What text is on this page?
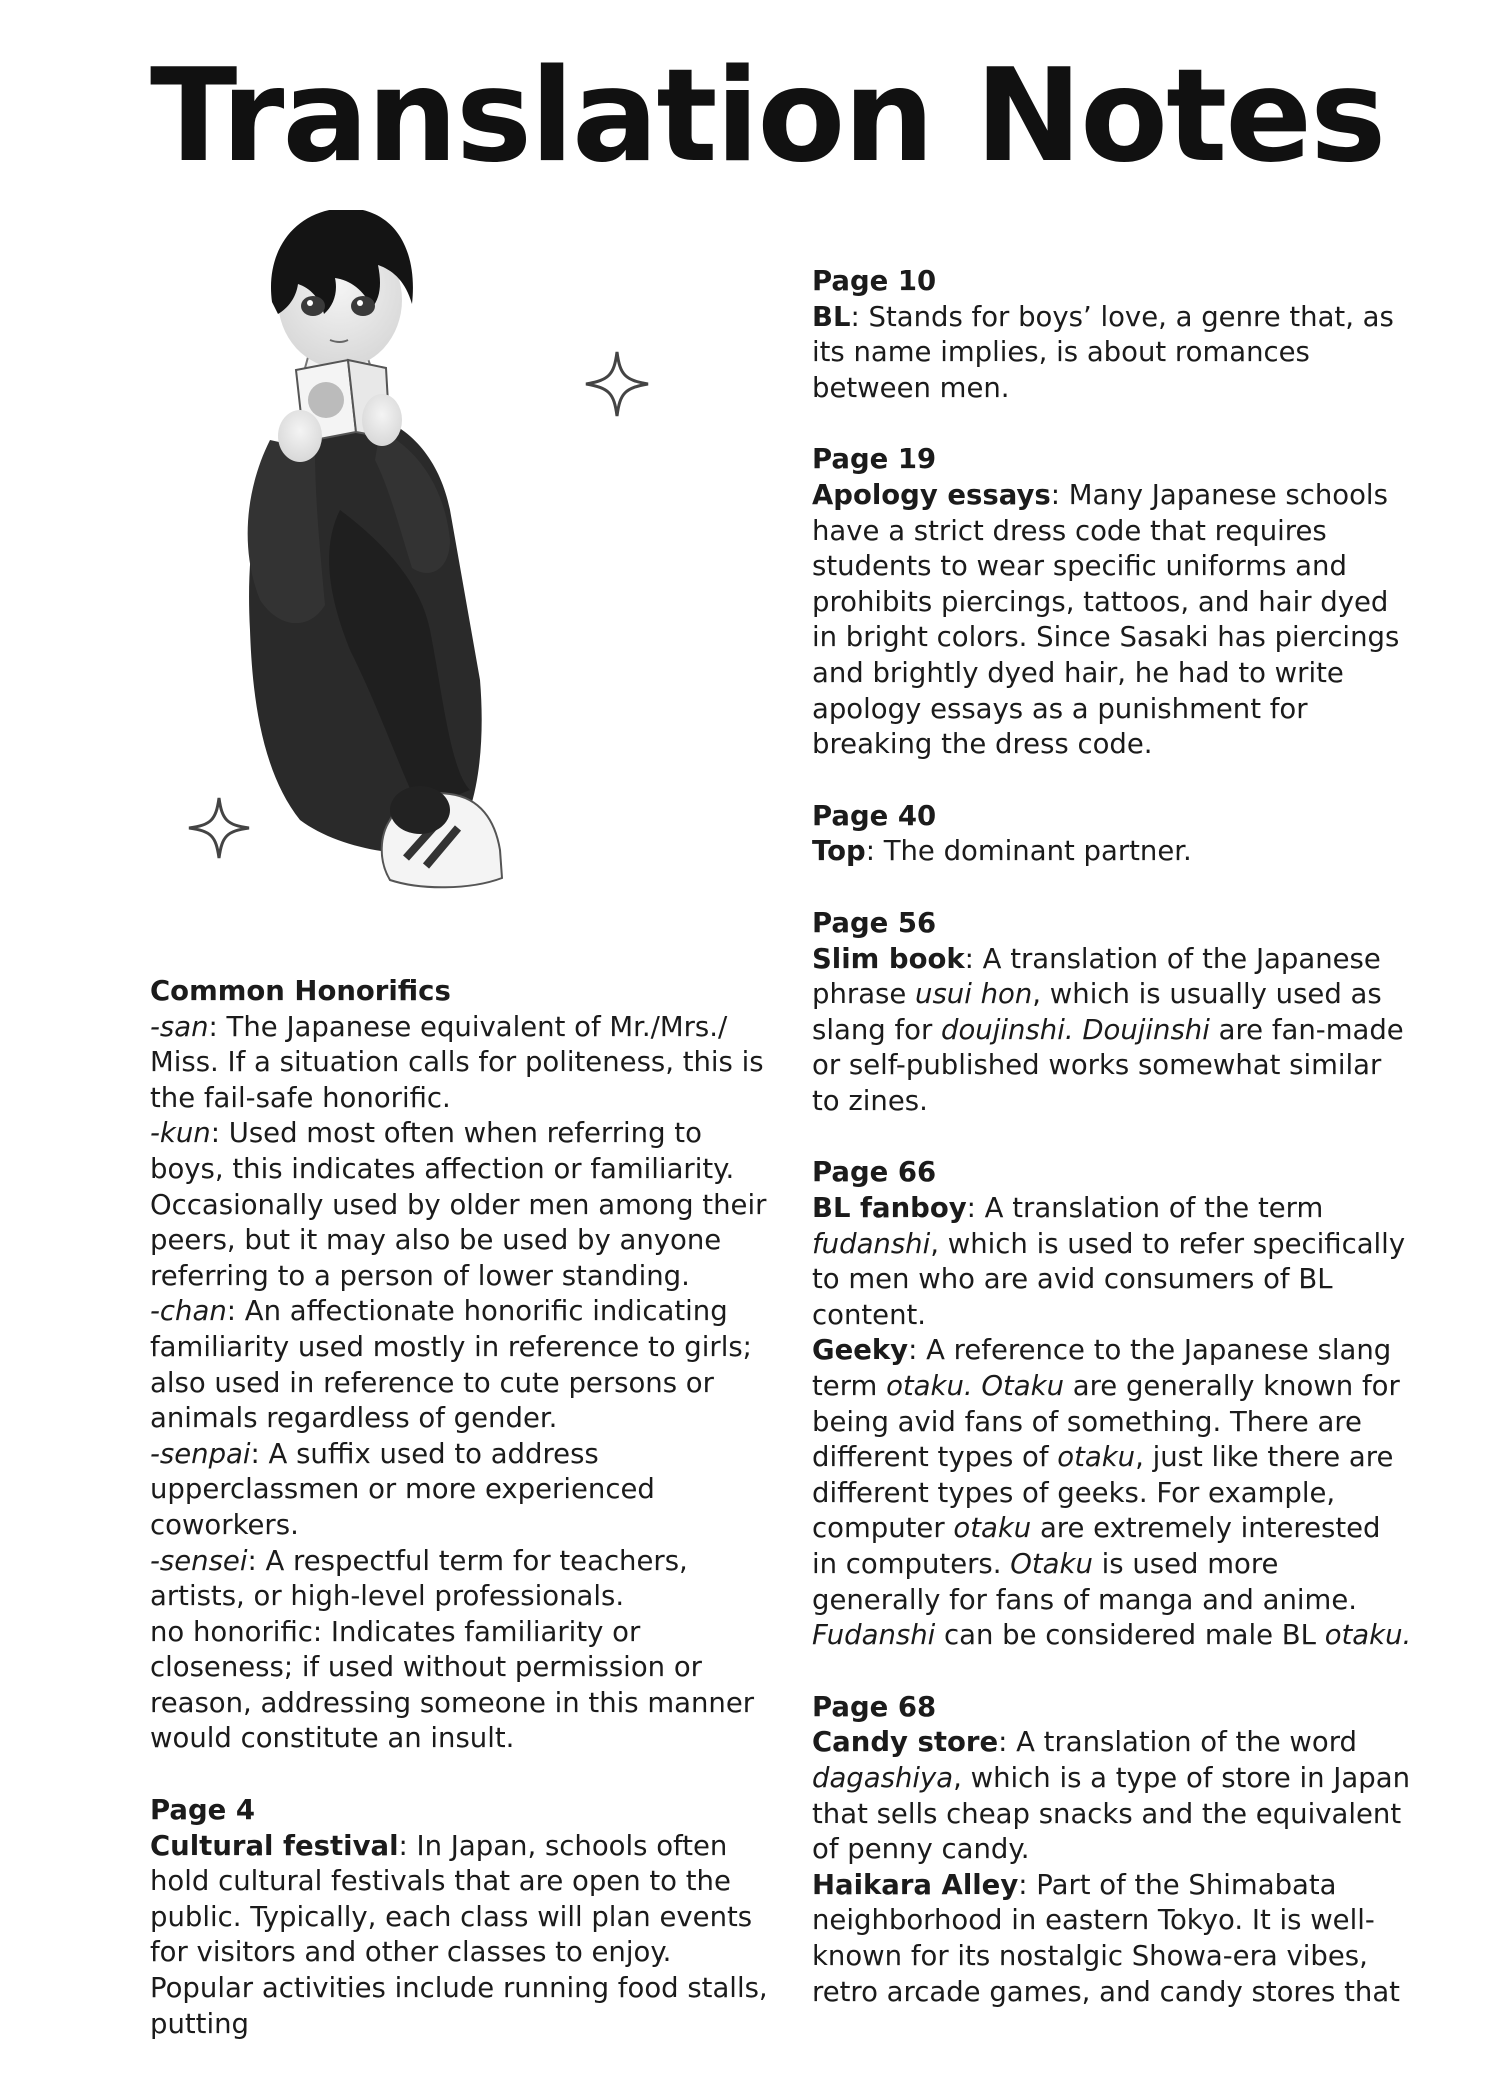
Translation Notes
Common Honorifics
-san: The Japanese equivalent of Mr./Mrs./ Miss. If a situation calls for politeness, this is the fail-safe honorific.
-kun: Used most often when referring to boys, this indicates affection or familiarity. Occasionally used by older men among their peers, but it may also be used by anyone referring to a person of lower standing.
-chan: An affectionate honorific indicating familiarity used mostly in reference to girls; also used in reference to cute persons or animals regardless of gender.
-senpai: A suffix used to address upperclassmen or more experienced coworkers.
-sensei: A respectful term for teachers, artists, or high-level professionals.
no honorific: Indicates familiarity or closeness; if used without permission or reason, addressing someone in this manner would constitute an insult.
Page 4
Cultural festival: In Japan, schools often hold cultural festivals that are open to the public. Typically, each class will plan events for visitors and other classes to enjoy. Popular activities include running food stalls, putting
Page 10
BL: Stands for boys’ love, a genre that, as its name implies, is about romances between men.
Page 19
Apology essays: Many Japanese schools have a strict dress code that requires students to wear specific uniforms and prohibits piercings, tattoos, and hair dyed in bright colors. Since Sasaki has piercings and brightly dyed hair, he had to write apology essays as a punishment for breaking the dress code.
Page 40
Top: The dominant partner.
Page 56
Slim book: A translation of the Japanese phrase usui hon, which is usually used as slang for doujinshi. Doujinshi are fan-made or self-published works somewhat similar to zines.
Page 66
BL fanboy: A translation of the term fudanshi, which is used to refer specifically to men who are avid consumers of BL content.
Geeky: A reference to the Japanese slang term otaku. Otaku are generally known for being avid fans of something. There are different types of otaku, just like there are different types of geeks. For example, computer otaku are extremely interested in computers. Otaku is used more generally for fans of manga and anime. Fudanshi can be considered male BL otaku.
Page 68
Candy store: A translation of the word dagashiya, which is a type of store in Japan that sells cheap snacks and the equivalent of penny candy.
Haikara Alley: Part of the Shimabata neighborhood in eastern Tokyo. It is well-known for its nostalgic Showa-era vibes, retro arcade games, and candy stores that
